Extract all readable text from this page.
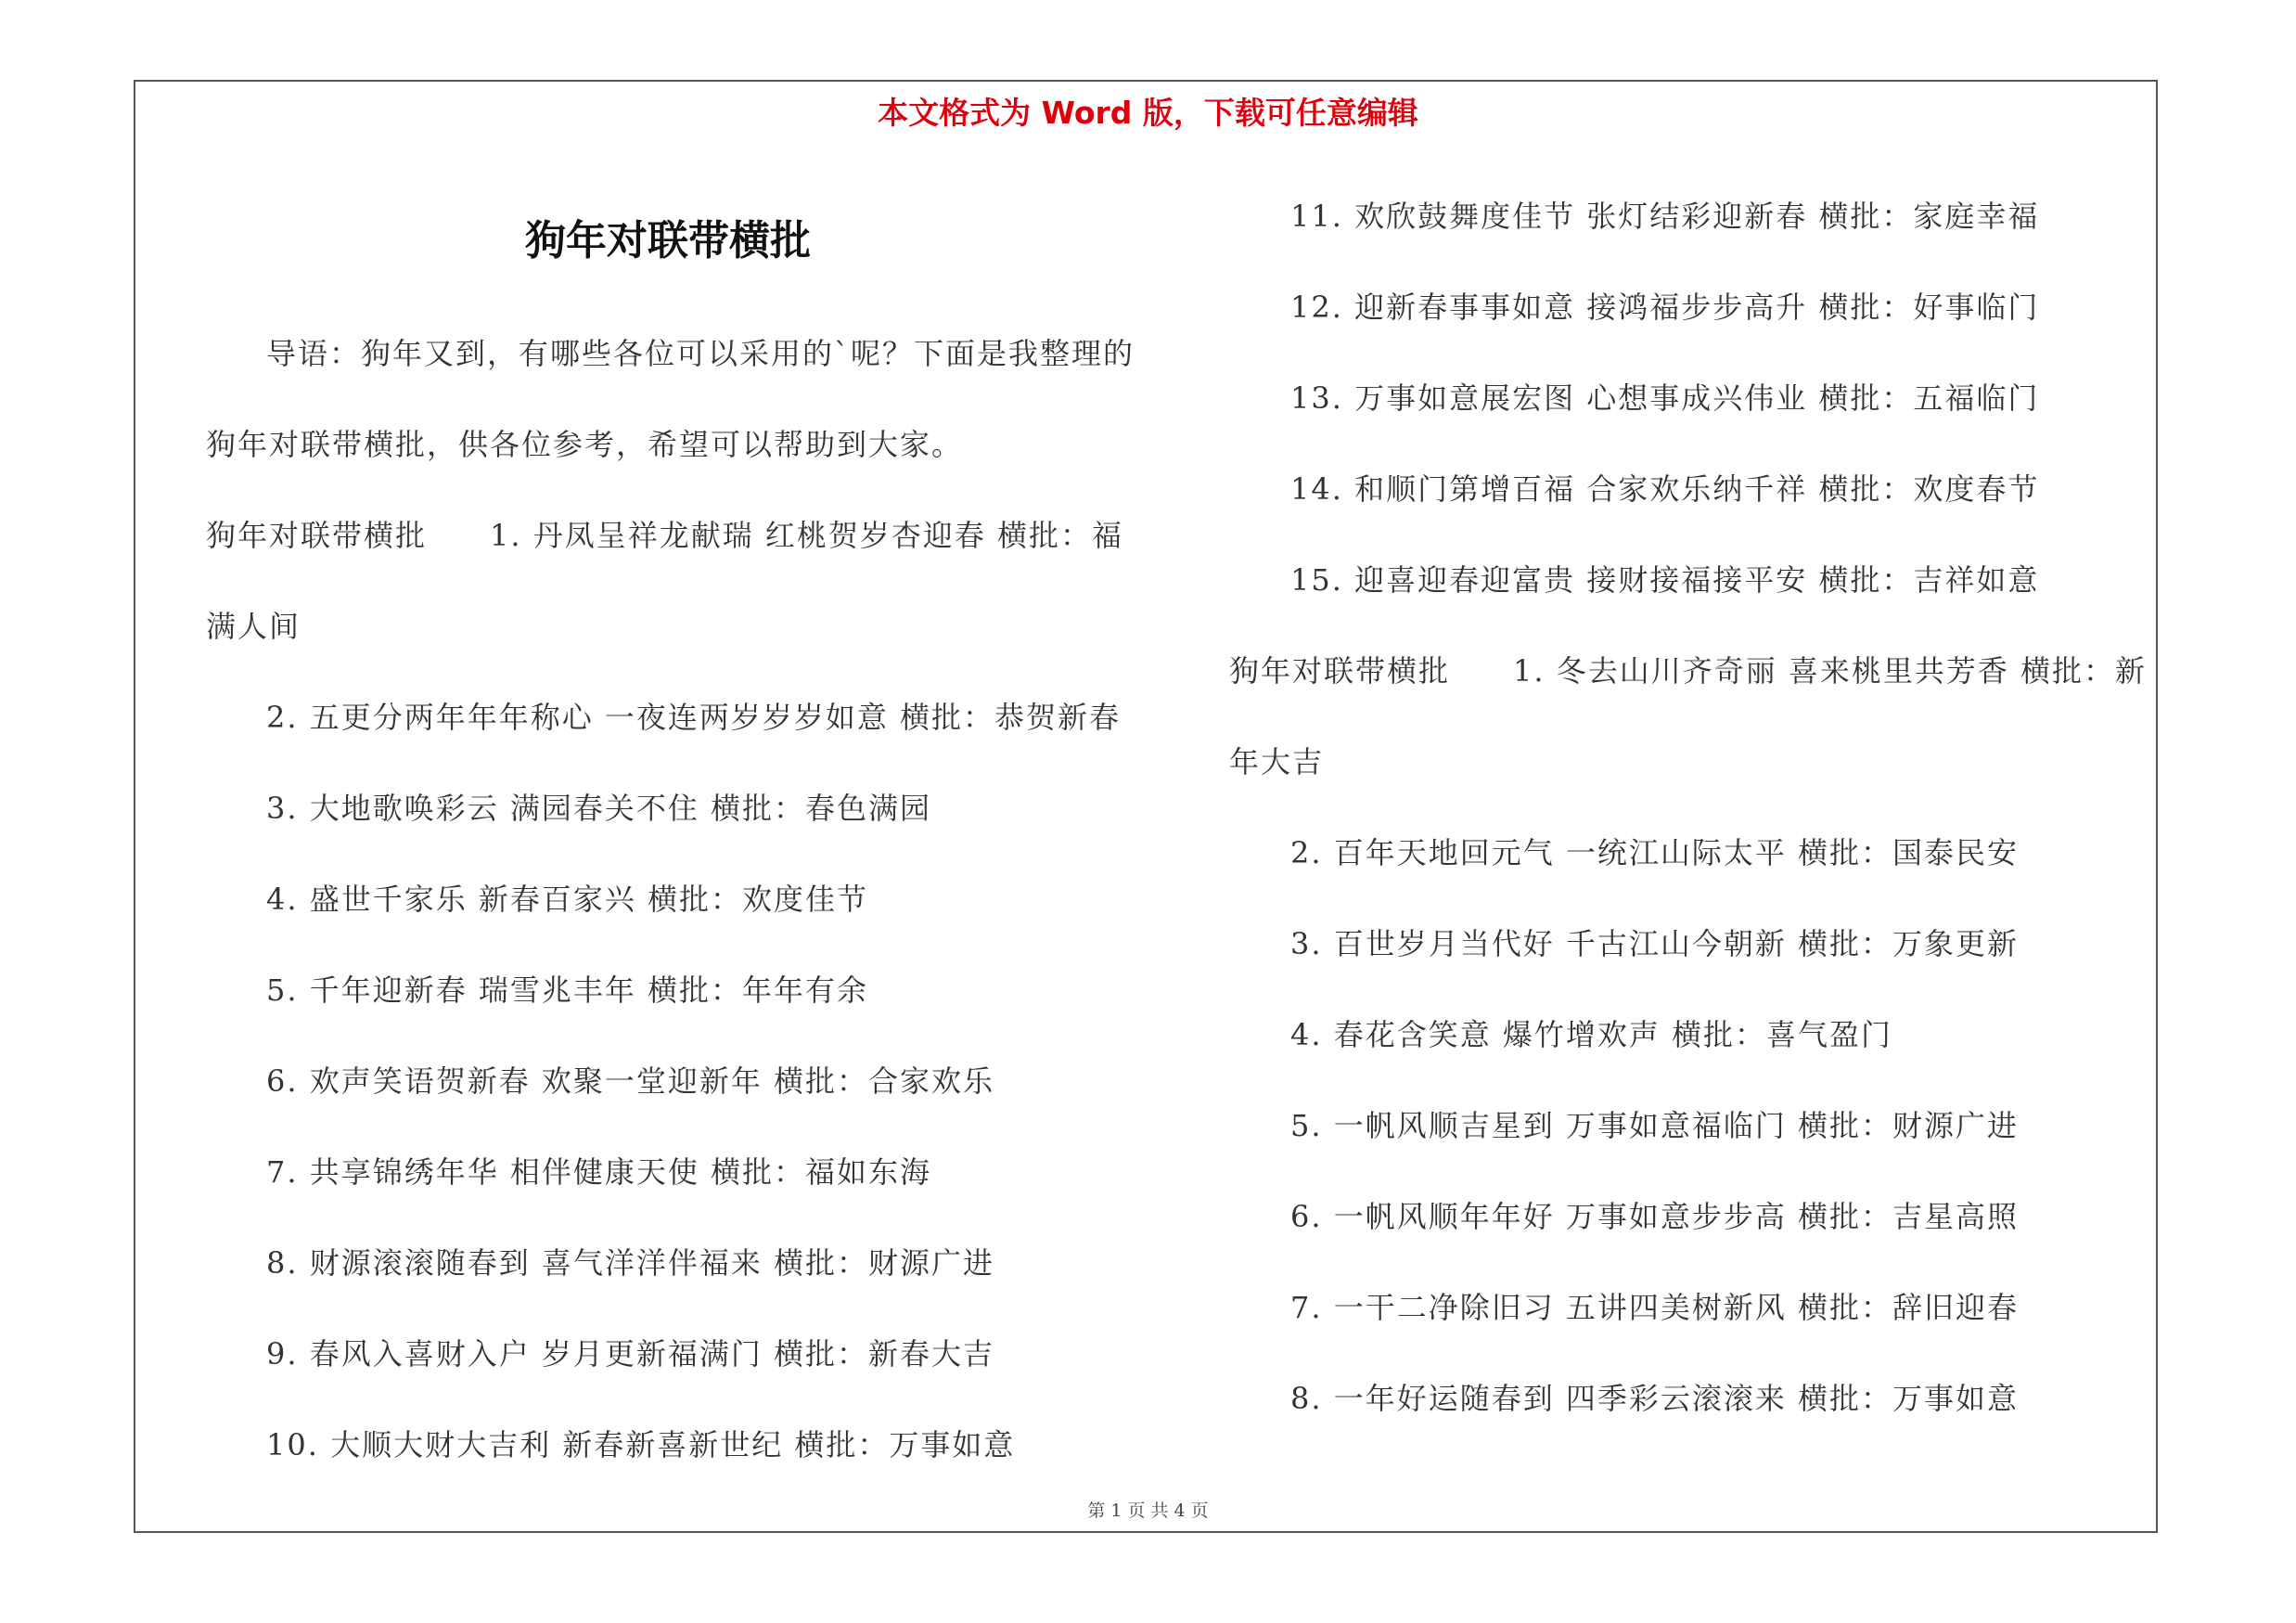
本文格式为 Word 版，下载可任意编辑
狗年对联带横批
导语：狗年又到，有哪些各位可以采用的`呢？下面是我整理的
狗年对联带横批，供各位参考，希望可以帮助到大家。
狗年对联带横批　　1. 丹凤呈祥龙献瑞 红桃贺岁杏迎春 横批：福
满人间
2. 五更分两年年年称心 一夜连两岁岁岁如意 横批：恭贺新春
3. 大地歌唤彩云 满园春关不住 横批：春色满园
4. 盛世千家乐 新春百家兴 横批：欢度佳节
5. 千年迎新春 瑞雪兆丰年 横批：年年有余
6. 欢声笑语贺新春 欢聚一堂迎新年 横批：合家欢乐
7. 共享锦绣年华 相伴健康天使 横批：福如东海
8. 财源滚滚随春到 喜气洋洋伴福来 横批：财源广进
9. 春风入喜财入户 岁月更新福满门 横批：新春大吉
10. 大顺大财大吉利 新春新喜新世纪 横批：万事如意
11. 欢欣鼓舞度佳节 张灯结彩迎新春 横批：家庭幸福
12. 迎新春事事如意 接鸿福步步高升 横批：好事临门
13. 万事如意展宏图 心想事成兴伟业 横批：五福临门
14. 和顺门第增百福 合家欢乐纳千祥 横批：欢度春节
15. 迎喜迎春迎富贵 接财接福接平安 横批：吉祥如意
狗年对联带横批　　1. 冬去山川齐奇丽 喜来桃里共芳香 横批：新
年大吉
2. 百年天地回元气 一统江山际太平 横批：国泰民安
3. 百世岁月当代好 千古江山今朝新 横批：万象更新
4. 春花含笑意 爆竹增欢声 横批：喜气盈门
5. 一帆风顺吉星到 万事如意福临门 横批：财源广进
6. 一帆风顺年年好 万事如意步步高 横批：吉星高照
7. 一干二净除旧习 五讲四美树新风 横批：辞旧迎春
8. 一年好运随春到 四季彩云滚滚来 横批：万事如意
第 1 页 共 4 页
